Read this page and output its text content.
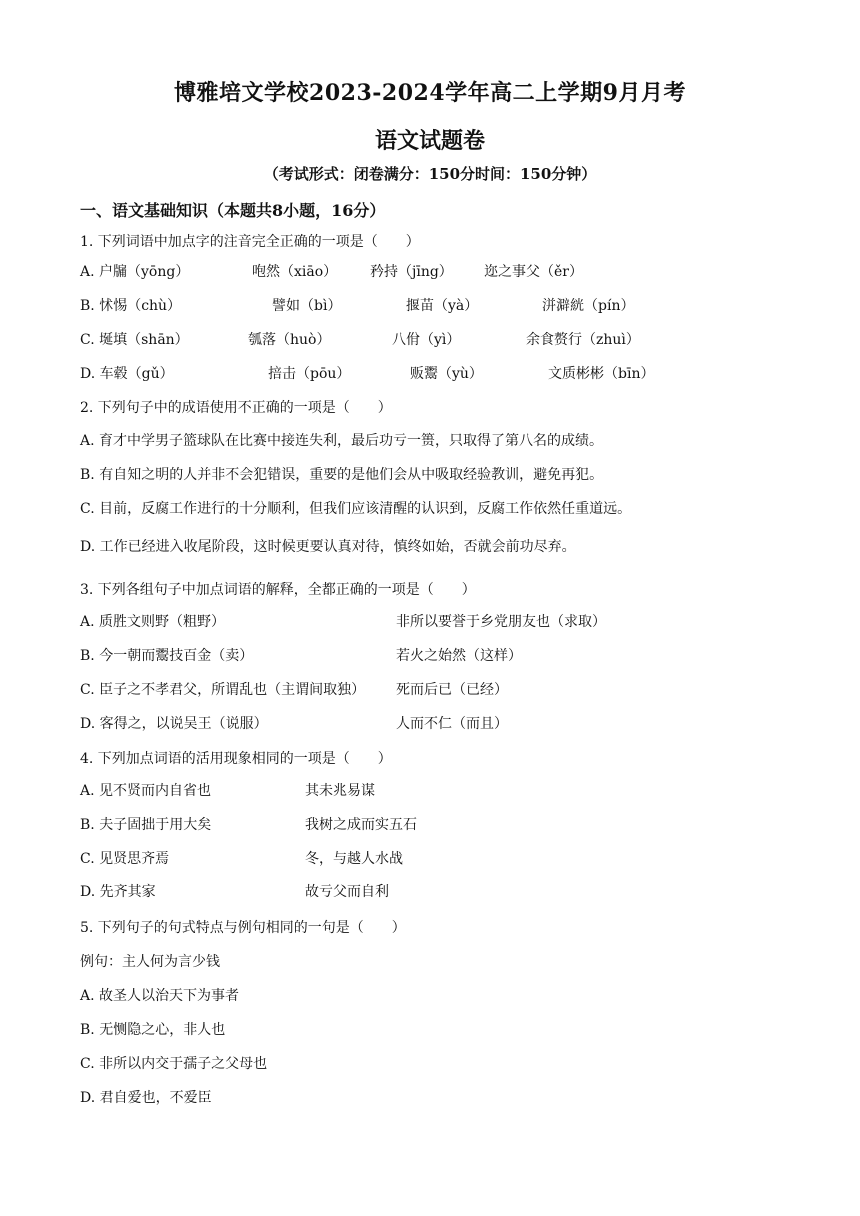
博雅培文学校2023-2024学年高二上学期9月月考
语文试题卷
（考试形式：闭卷满分：150分时间：150分钟）
一、语文基础知识（本题共8小题，16分）
1. 下列词语中加点字的注音完全正确的一项是（　　）
A. 户牖（yōng）	咆然（xiāo） 矜持（jīng） 迩之事父（ěr）
B. 怵惕（chù）	譬如（bì）	揠苗（yà）	洴澼絖（pín）
C. 埏填（shān）	瓠落（huò）	八佾（yì）	余食赘行（zhuì）
D. 车毂（gǔ）	掊击（pōu）	贩鬻（yù）	文质彬彬（bīn）
2. 下列句子中的成语使用不正确的一项是（　　）
A. 育才中学男子篮球队在比赛中接连失利，最后功亏一篑，只取得了第八名的成绩。
B. 有自知之明的人并非不会犯错误，重要的是他们会从中吸取经验教训，避免再犯。
C. 目前，反腐工作进行的十分顺利，但我们应该清醒的认识到，反腐工作依然任重道远。
D. 工作已经进入收尾阶段，这时候更要认真对待，慎终如始，否就会前功尽弃。
3. 下列各组句子中加点词语的解释，全都正确的一项是（　　）
A. 质胜文则野（粗野）	非所以要誉于乡党朋友也（求取）
B. 今一朝而鬻技百金（卖）	若火之始然（这样）
C. 臣子之不孝君父，所谓乱也（主谓间取独） 死而后已（已经）
D. 客得之，以说吴王（说服）	人而不仁（而且）
4. 下列加点词语的活用现象相同的一项是（　　）
A. 见不贤而内自省也	其未兆易谋
B. 夫子固拙于用大矣	我树之成而实五石
C. 见贤思齐焉	冬，与越人水战
D. 先齐其家	故亏父而自利
5. 下列句子的句式特点与例句相同的一句是（　　）
例句：主人何为言少钱
A. 故圣人以治天下为事者
B. 无恻隐之心，非人也
C. 非所以内交于孺子之父母也
D. 君自爱也，不爱臣
